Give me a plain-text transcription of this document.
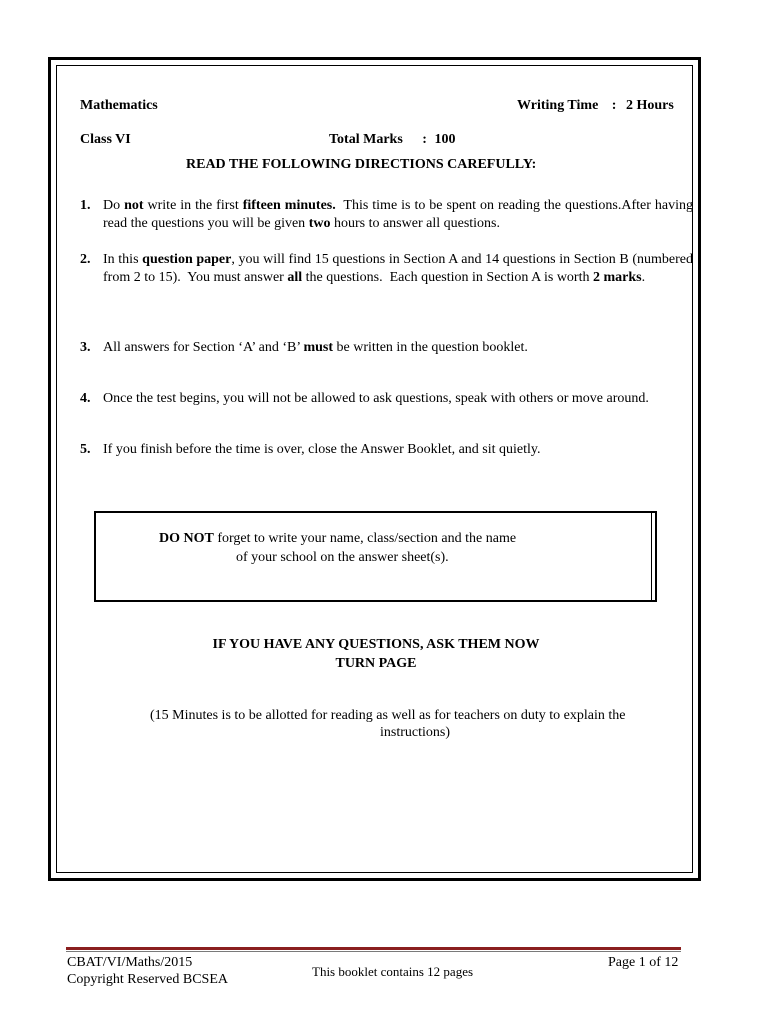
Mathematics	Writing Time : 2 Hours
Class VI	Total Marks : 100
READ THE FOLLOWING DIRECTIONS CAREFULLY:
1. Do not write in the first fifteen minutes.  This time is to be spent on reading the questions.After having read the questions you will be given two hours to answer all questions.
2. In this question paper, you will find 15 questions in Section A and 14 questions in Section B (numbered from 2 to 15).  You must answer all the questions.  Each question in Section A is worth 2 marks.
3. All answers for Section ‘A’ and ‘B’ must be written in the question booklet.
4. Once the test begins, you will not be allowed to ask questions, speak with others or move around.
5. If you finish before the time is over, close the Answer Booklet, and sit quietly.
DO NOT forget to write your name, class/section and the name
of your school on the answer sheet(s).
IF YOU HAVE ANY QUESTIONS, ASK THEM NOW
TURN PAGE
(15 Minutes is to be allotted for reading as well as for teachers on duty to explain the
instructions)
CBAT/VI/Maths/2015
Copyright Reserved BCSEA
This booklet contains 12 pages
Page 1 of 12
